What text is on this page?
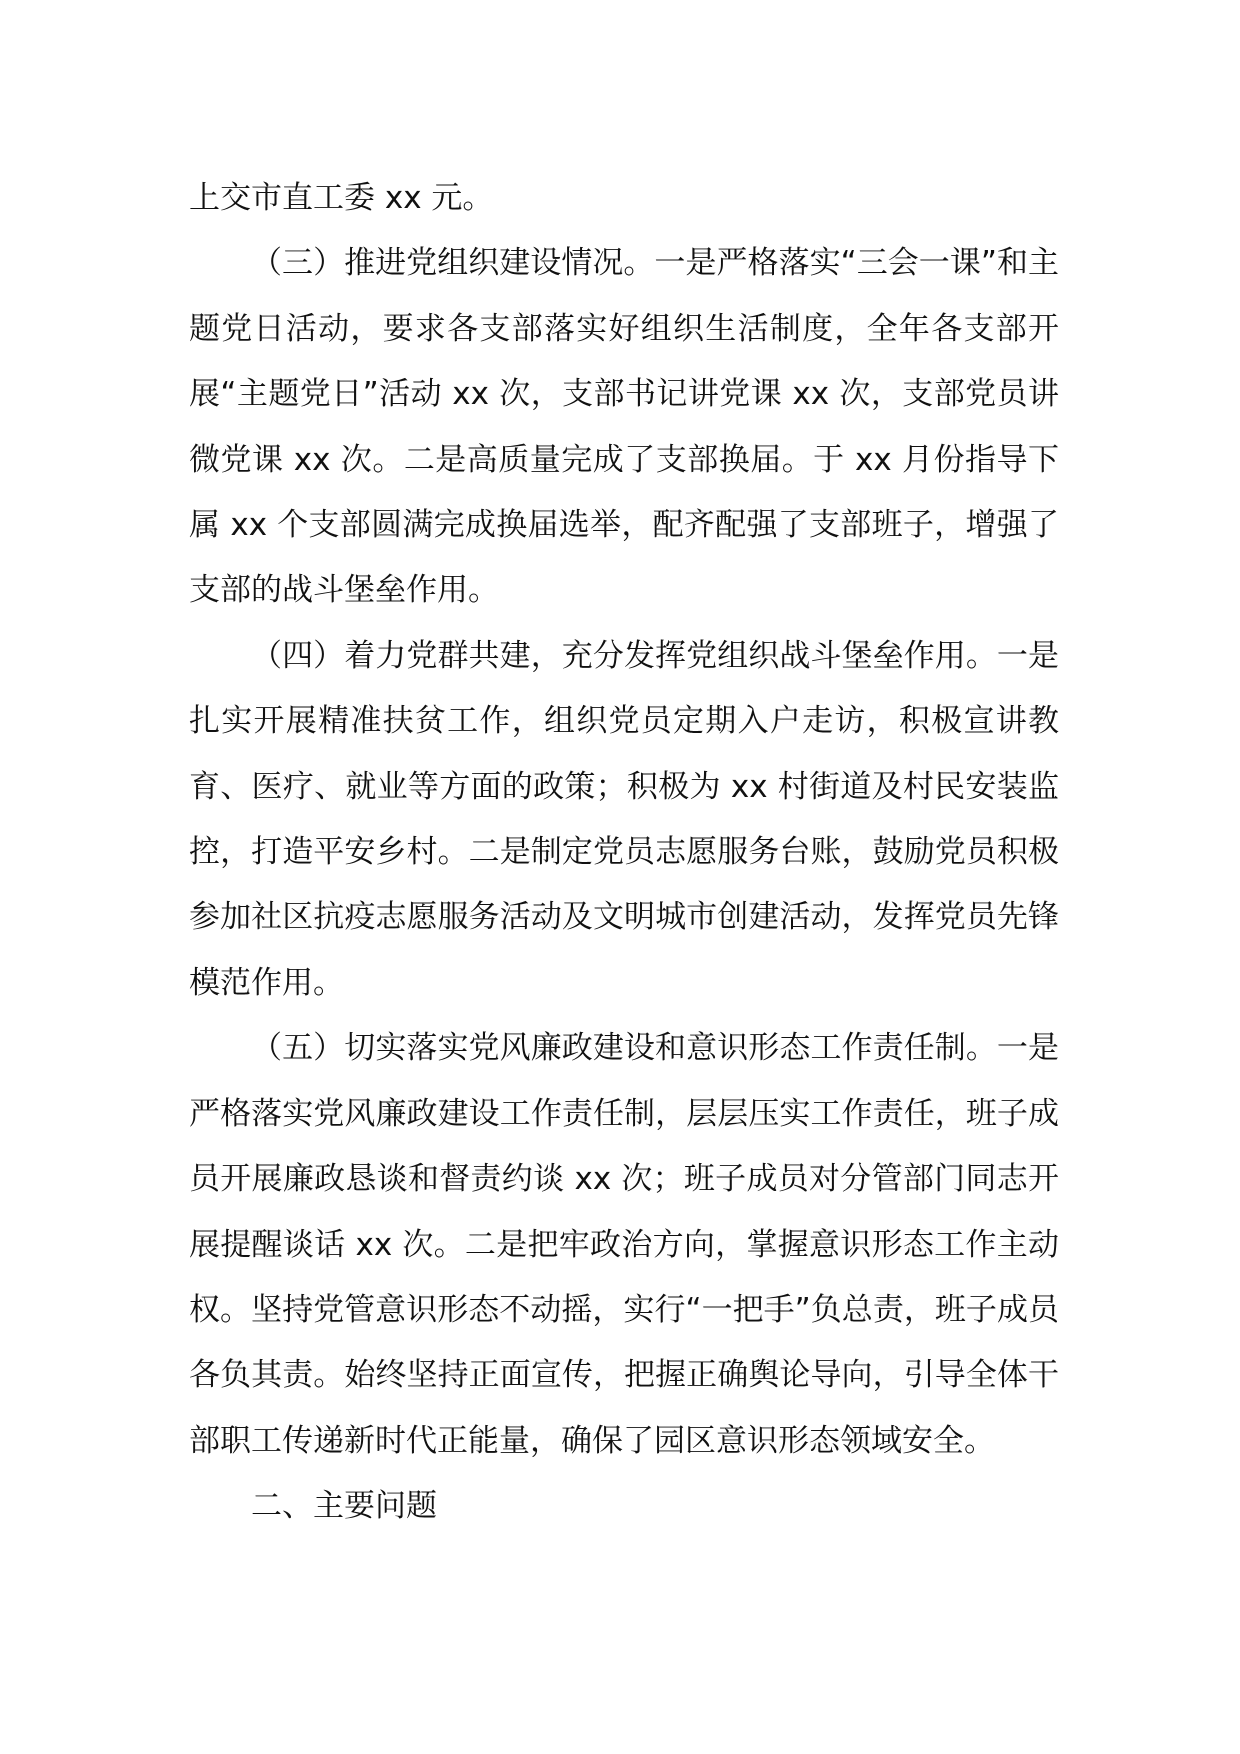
上交市直工委 xx 元。

（三）推进党组织建设情况。一是严格落实“三会一课”和主题党日活动，要求各支部落实好组织生活制度，全年各支部开展“主题党日”活动 xx 次，支部书记讲党课 xx 次，支部党员讲微党课 xx 次。二是高质量完成了支部换届。于 xx 月份指导下属 xx 个支部圆满完成换届选举，配齐配强了支部班子，增强了支部的战斗堡垒作用。

（四）着力党群共建，充分发挥党组织战斗堡垒作用。一是扎实开展精准扶贫工作，组织党员定期入户走访，积极宣讲教育、医疗、就业等方面的政策；积极为 xx 村街道及村民安装监控，打造平安乡村。二是制定党员志愿服务台账，鼓励党员积极参加社区抗疫志愿服务活动及文明城市创建活动，发挥党员先锋模范作用。

（五）切实落实党风廉政建设和意识形态工作责任制。一是严格落实党风廉政建设工作责任制，层层压实工作责任，班子成员开展廉政恳谈和督责约谈 xx 次；班子成员对分管部门同志开展提醒谈话 xx 次。二是把牢政治方向，掌握意识形态工作主动权。坚持党管意识形态不动摇，实行“一把手”负总责，班子成员各负其责。始终坚持正面宣传，把握正确舆论导向，引导全体干部职工传递新时代正能量，确保了园区意识形态领域安全。

二、主要问题
